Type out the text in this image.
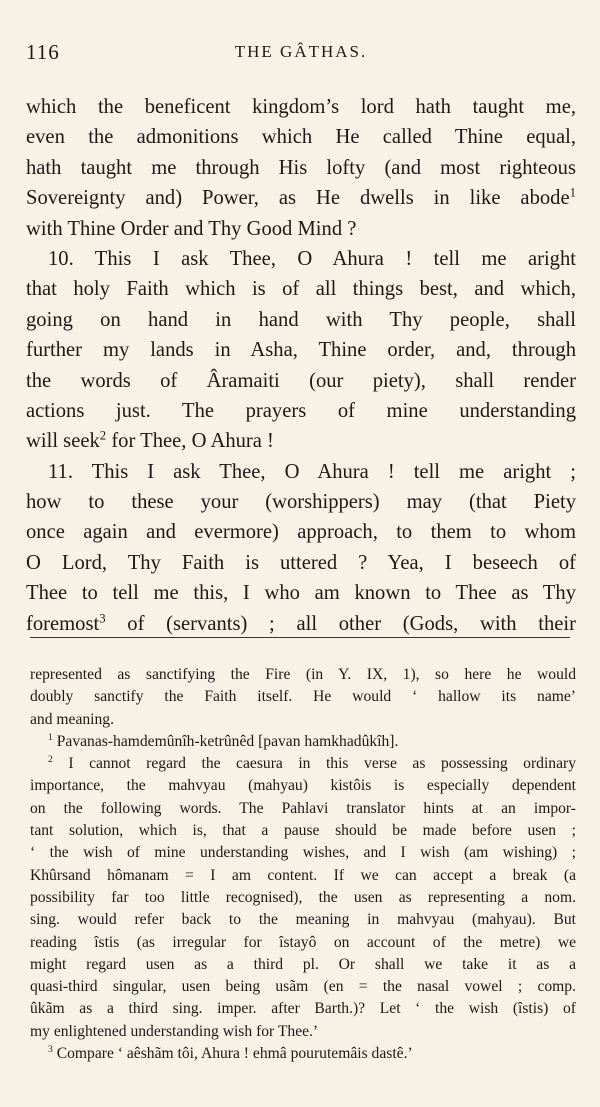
116	THE GÂTHAS.
which the beneficent kingdom’s lord hath taught me,
even the admonitions which He called Thine equal,
hath taught me through His lofty (and most righteous
Sovereignty and) Power, as He dwells in like abode$^1$
with Thine Order and Thy Good Mind ?
10. This I ask Thee, O Ahura ! tell me aright
that holy Faith which is of all things best, and which,
going on hand in hand with Thy people, shall
further my lands in Asha, Thine order, and, through
the words of Âramaiti (our piety), shall render
actions just. The prayers of mine understanding
will seek$^2$ for Thee, O Ahura !
11. This I ask Thee, O Ahura ! tell me aright ;
how to these your (worshippers) may (that Piety
once again and evermore) approach, to them to whom
O Lord, Thy Faith is uttered ? Yea, I beseech of
Thee to tell me this, I who am known to Thee as Thy
foremost$^3$ of (servants) ; all other (Gods, with their
represented as sanctifying the Fire (in Y. IX, 1), so here he would
doubly sanctify the Faith itself. He would ‘ hallow its name’
and meaning.
$^1$ Pavanas-hamdemûnîh-ketrûnêd [pavan hamkhadûkîh].
$^2$ I cannot regard the caesura in this verse as possessing ordinary
importance, the mahvyau (mahyau) kistôis is especially dependent
on the following words. The Pahlavi translator hints at an impor-
tant solution, which is, that a pause should be made before usen ;
‘ the wish of mine understanding wishes, and I wish (am wishing) ;
Khûrsand hômanam = I am content. If we can accept a break (a
possibility far too little recognised), the usen as representing a nom.
sing. would refer back to the meaning in mahvyau (mahyau). But
reading îstis (as irregular for îstayô on account of the metre) we
might regard usen as a third pl. Or shall we take it as a
quasi-third singular, usen being usãm (en = the nasal vowel ; comp.
ûkãm as a third sing. imper. after Barth.)? Let ‘ the wish (îstis) of
my enlightened understanding wish for Thee.’
$^3$ Compare ‘ aêshãm tôi, Ahura ! ehmâ pourutemâis dastê.’
